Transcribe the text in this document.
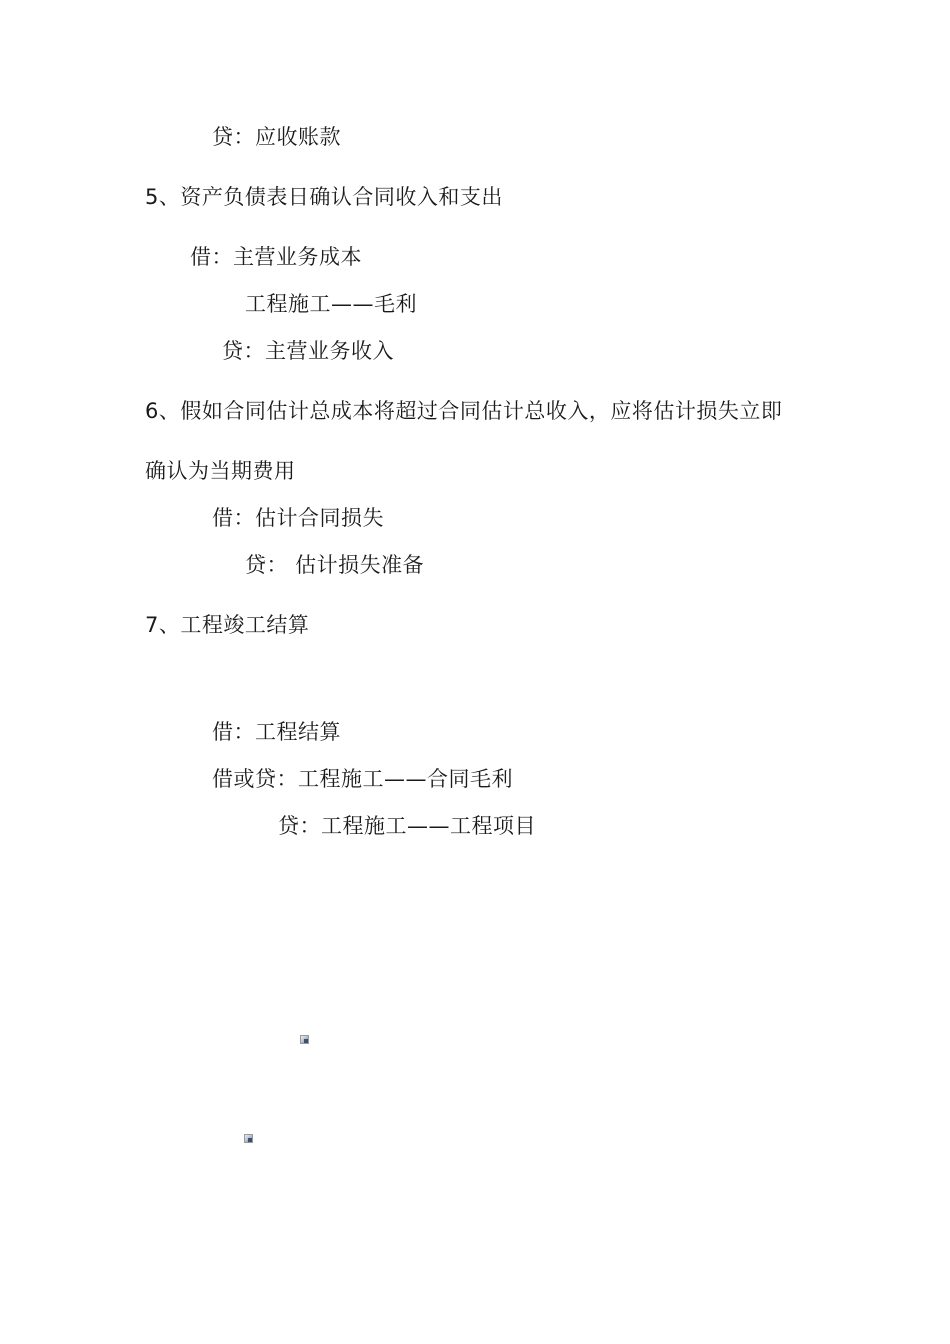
贷：应收账款
5、资产负债表日确认合同收入和支出
借：主营业务成本
工程施工——毛利
贷：主营业务收入
6、假如合同估计总成本将超过合同估计总收入，应将估计损失立即
确认为当期费用
借：估计合同损失
贷： 估计损失准备
7、工程竣工结算
借：工程结算
借或贷：工程施工——合同毛利
贷：工程施工——工程项目
